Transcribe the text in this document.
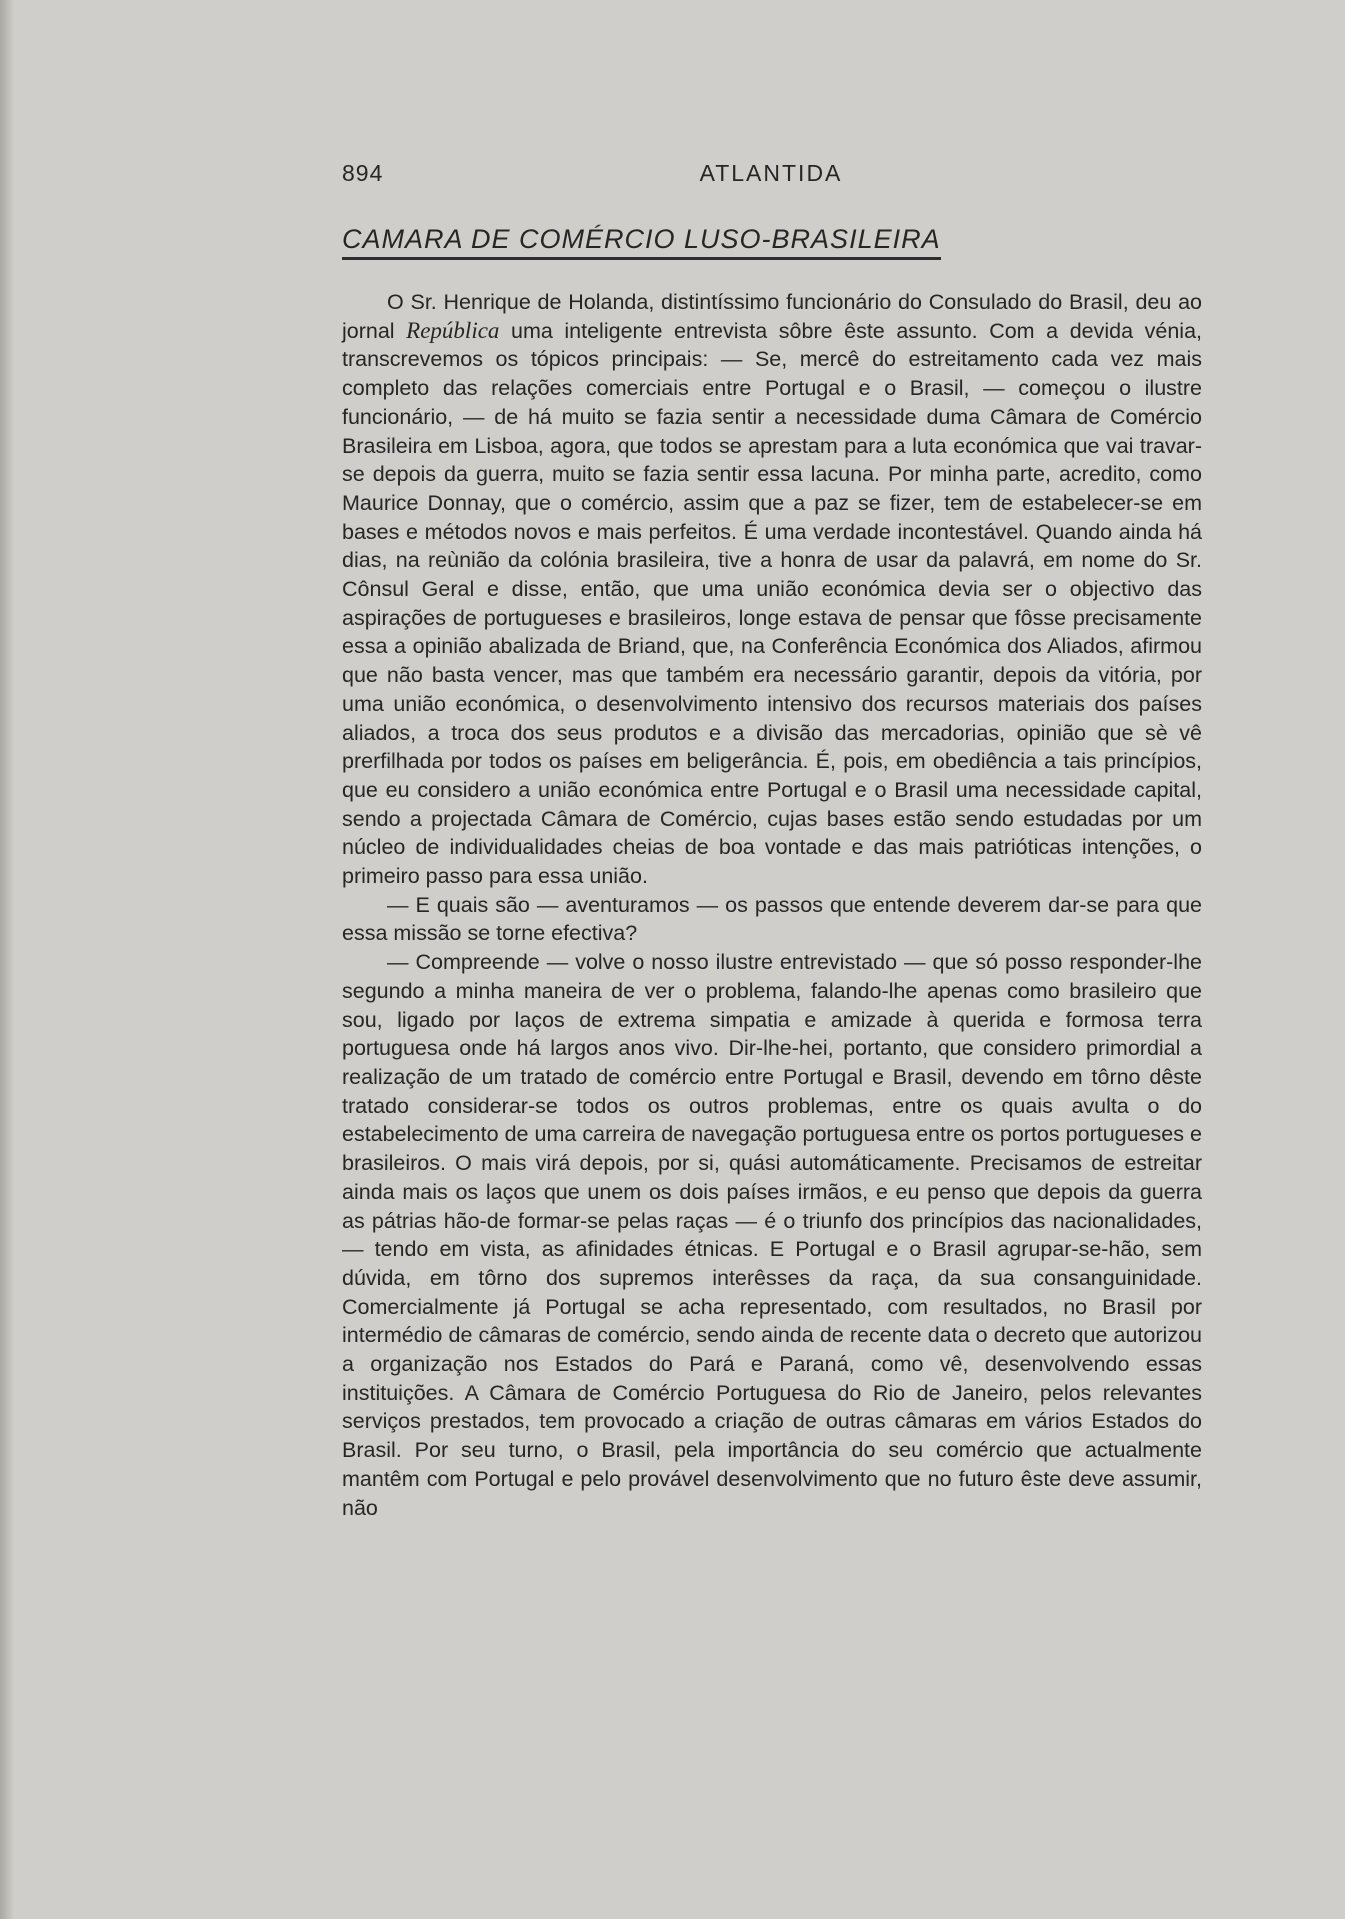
894	ATLANTIDA
CAMARA DE COMÉRCIO LUSO-BRASILEIRA

O Sr. Henrique de Holanda, distintíssimo funcionário do Consulado do Brasil, deu ao jornal República uma inteligente entrevista sôbre êste assunto. Com a devida vénia, transcrevemos os tópicos principais: — Se, mercê do estreitamento cada vez mais completo das relações comerciais entre Portugal e o Brasil, — começou o ilustre funcionário, — de há muito se fazia sentir a necessidade duma Câmara de Comércio Brasileira em Lisboa, agora, que todos se aprestam para a luta económica que vai travar-se depois da guerra, muito se fazia sentir essa lacuna. Por minha parte, acredito, como Maurice Donnay, que o comércio, assim que a paz se fizer, tem de estabelecer-se em bases e métodos novos e mais perfeitos. É uma verdade incontestável. Quando ainda há dias, na reùnião da colónia brasileira, tive a honra de usar da palavrá, em nome do Sr. Cônsul Geral e disse, então, que uma união económica devia ser o objectivo das aspirações de portugueses e brasileiros, longe estava de pensar que fôsse precisamente essa a opinião abalizada de Briand, que, na Conferência Económica dos Aliados, afirmou que não basta vencer, mas que também era necessário garantir, depois da vitória, por uma união económica, o desenvolvimento intensivo dos recursos materiais dos países aliados, a troca dos seus produtos e a divisão das mercadorias, opinião que sè vê prerfilhada por todos os países em beligerância. É, pois, em obediência a tais princípios, que eu considero a união económica entre Portugal e o Brasil uma necessidade capital, sendo a projectada Câmara de Comércio, cujas bases estão sendo estudadas por um núcleo de individualidades cheias de boa vontade e das mais patrióticas intenções, o primeiro passo para essa união.

— E quais são — aventuramos — os passos que entende deverem dar-se para que essa missão se torne efectiva?

— Compreende — volve o nosso ilustre entrevistado — que só posso responder-lhe segundo a minha maneira de ver o problema, falando-lhe apenas como brasileiro que sou, ligado por laços de extrema simpatia e amizade à querida e formosa terra portuguesa onde há largos anos vivo. Dir-lhe-hei, portanto, que considero primordial a realização de um tratado de comércio entre Portugal e Brasil, devendo em tôrno dêste tratado considerar-se todos os outros problemas, entre os quais avulta o do estabelecimento de uma carreira de navegação portuguesa entre os portos portugueses e brasileiros. O mais virá depois, por si, quási automáticamente. Precisamos de estreitar ainda mais os laços que unem os dois países irmãos, e eu penso que depois da guerra as pátrias hão-de formar-se pelas raças — é o triunfo dos princípios das nacionalidades, — tendo em vista, as afinidades étnicas. E Portugal e o Brasil agrupar-se-hão, sem dúvida, em tôrno dos supremos interêsses da raça, da sua consanguinidade. Comercialmente já Portugal se acha representado, com resultados, no Brasil por intermédio de câmaras de comércio, sendo ainda de recente data o decreto que autorizou a organização nos Estados do Pará e Paraná, como vê, desenvolvendo essas instituições. A Câmara de Comércio Portuguesa do Rio de Janeiro, pelos relevantes serviços prestados, tem provocado a criação de outras câmaras em vários Estados do Brasil. Por seu turno, o Brasil, pela importância do seu comércio que actualmente mantêm com Portugal e pelo provável desenvolvimento que no futuro êste deve assumir, não
